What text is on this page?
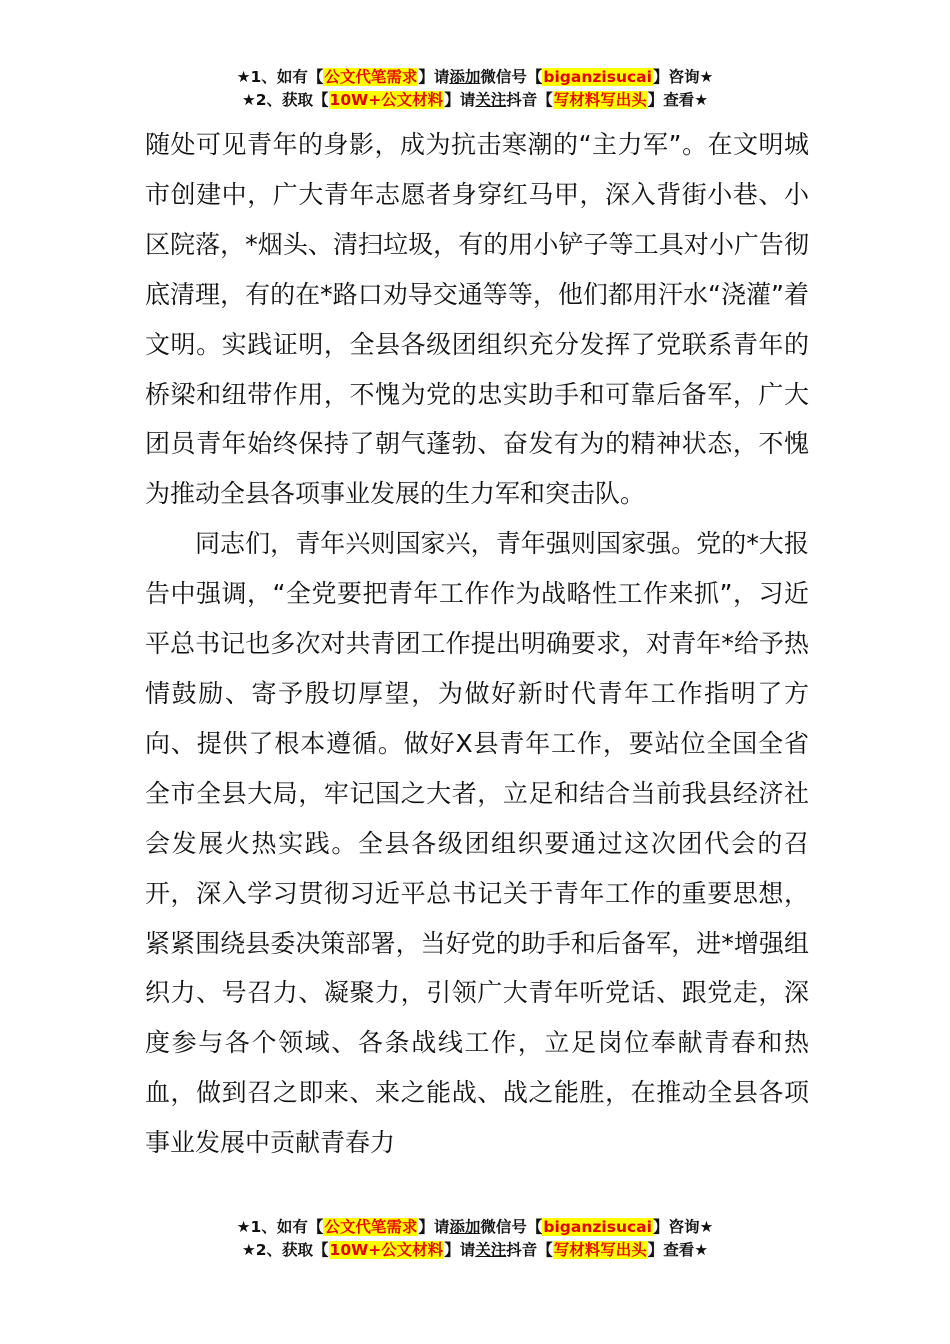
★1、如有【公文代笔需求】请添加微信号【biganzisucai】咨询★
★2、获取【10W+公文材料】请关注抖音【写材料写出头】查看★

随处可见青年的身影，成为抗击寒潮的“主力军”。在文明城市创建中，广大青年志愿者身穿红马甲，深入背街小巷、小区院落，*烟头、清扫垃圾，有的用小铲子等工具对小广告彻底清理，有的在*路口劝导交通等等，他们都用汗水“浇灌”着文明。实践证明，全县各级团组织充分发挥了党联系青年的桥梁和纽带作用，不愧为党的忠实助手和可靠后备军，广大团员青年始终保持了朝气蓬勃、奋发有为的精神状态，不愧为推动全县各项事业发展的生力军和突击队。

同志们，青年兴则国家兴，青年强则国家强。党的*大报告中强调，“全党要把青年工作作为战略性工作来抓”，习近平总书记也多次对共青团工作提出明确要求，对青年*给予热情鼓励、寄予殷切厚望，为做好新时代青年工作指明了方向、提供了根本遵循。做好X县青年工作，要站位全国全省全市全县大局，牢记国之大者，立足和结合当前我县经济社会发展火热实践。全县各级团组织要通过这次团代会的召开，深入学习贯彻习近平总书记关于青年工作的重要思想，紧紧围绕县委决策部署，当好党的助手和后备军，进*增强组织力、号召力、凝聚力，引领广大青年听党话、跟党走，深度参与各个领域、各条战线工作，立足岗位奉献青春和热血，做到召之即来、来之能战、战之能胜，在推动全县各项事业发展中贡献青春力

★1、如有【公文代笔需求】请添加微信号【biganzisucai】咨询★
★2、获取【10W+公文材料】请关注抖音【写材料写出头】查看★
